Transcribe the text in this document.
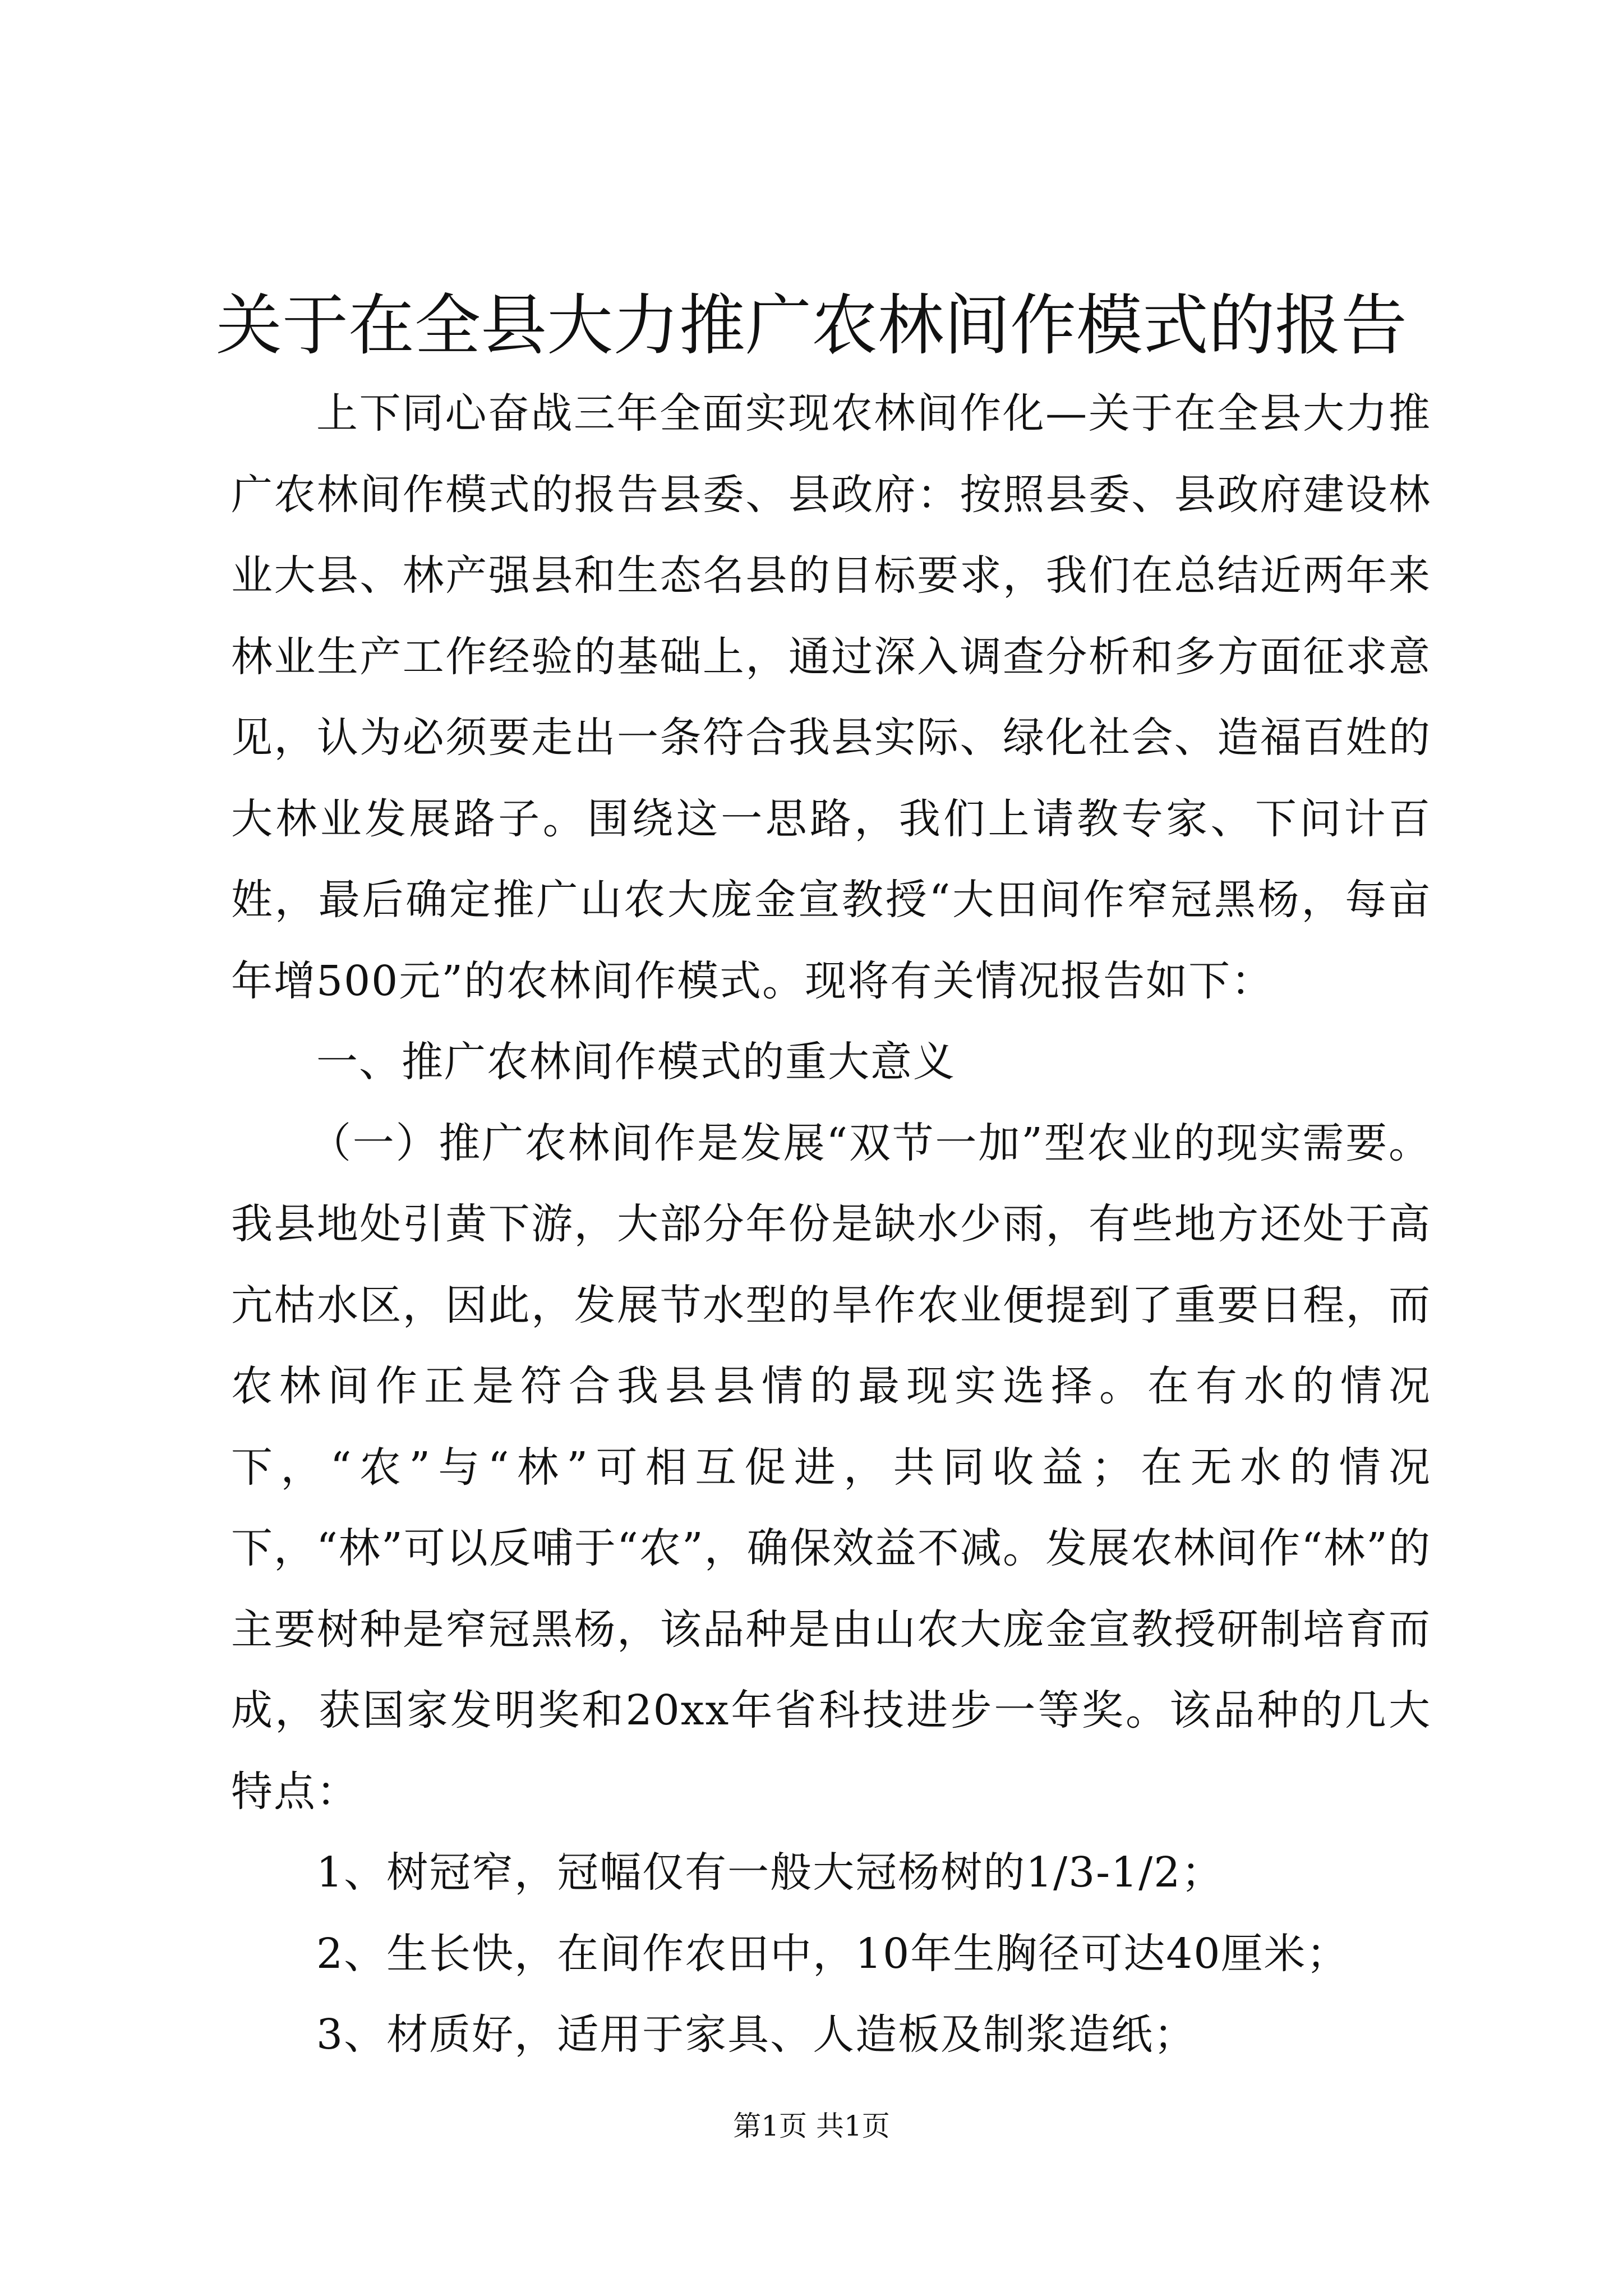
关于在全县大力推广农林间作模式的报告

上下同心奋战三年全面实现农林间作化—关于在全县大力推广农林间作模式的报告县委、县政府：按照县委、县政府建设林业大县、林产强县和生态名县的目标要求，我们在总结近两年来林业生产工作经验的基础上，通过深入调查分析和多方面征求意见，认为必须要走出一条符合我县实际、绿化社会、造福百姓的大林业发展路子。围绕这一思路，我们上请教专家、下问计百姓，最后确定推广山农大庞金宣教授“大田间作窄冠黑杨，每亩年增500元”的农林间作模式。现将有关情况报告如下：

一、推广农林间作模式的重大意义

（一）推广农林间作是发展“双节一加”型农业的现实需要。我县地处引黄下游，大部分年份是缺水少雨，有些地方还处于高亢枯水区，因此，发展节水型的旱作农业便提到了重要日程，而农林间作正是符合我县县情的最现实选择。在有水的情况下，“农”与“林”可相互促进，共同收益；在无水的情况下，“林”可以反哺于“农”，确保效益不减。发展农林间作“林”的主要树种是窄冠黑杨，该品种是由山农大庞金宣教授研制培育而成，获国家发明奖和20xx年省科技进步一等奖。该品种的几大特点：

1、树冠窄，冠幅仅有一般大冠杨树的1/3-1/2；

2、生长快，在间作农田中，10年生胸径可达40厘米；

3、材质好，适用于家具、人造板及制浆造纸；

第1页 共1页
